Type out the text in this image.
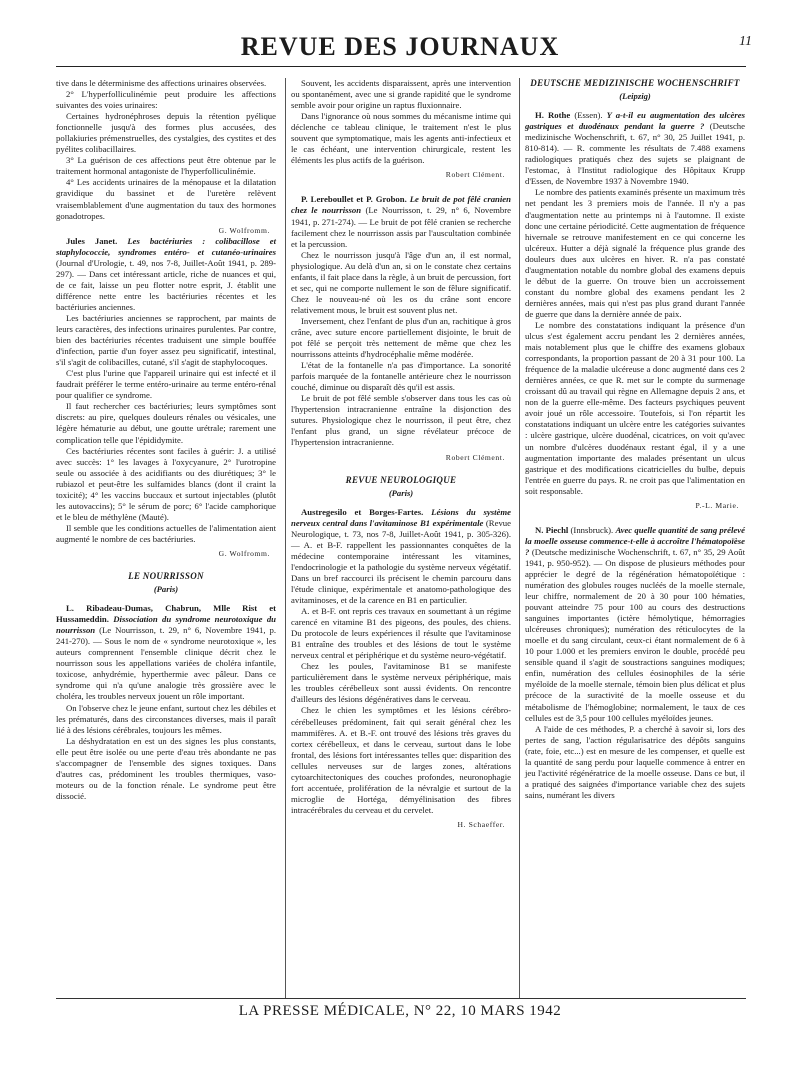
REVUE DES JOURNAUX	11

tive dans le déterminisme des affections urinaires observées.

2° L'hyperfolliculinémie peut produire les affections suivantes des voies urinaires:

Certaines hydronéphroses depuis la rétention pyélique fonctionnelle jusqu'à des formes plus accusées, des pollakiuries prémenstruelles, des cystalgies, des cystites et des pyélites colibacillaires.

3° La guérison de ces affections peut être obtenue par le traitement hormonal antagoniste de l'hyperfolliculinémie.

4° Les accidents urinaires de la ménopause et la dilatation gravidique du bassinet et de l'uretère relèvent vraisemblablement d'une augmentation du taux des hormones gonadotropes.

G. Wolfromm.

Jules Janet. Les bactériuries : colibacillose et staphylococcie, syndromes entéro- et cutanéo-urinaires (Journal d'Urologie, t. 49, nos 7-8, Juillet-Août 1941, p. 289-297). — Dans cet intéressant article, riche de nuances et qui, de ce fait, laisse un peu flotter notre esprit, J. établit une différence nette entre les bactériuries récentes et les bactériuries anciennes.

Les bactériuries anciennes se rapprochent, par maints de leurs caractères, des infections urinaires purulentes. Par contre, bien des bactériuries récentes traduisent une simple bouffée d'infection, partie d'un foyer assez peu significatif, intestinal, s'il s'agit de colibacilles, cutané, s'il s'agit de staphylocoques.

C'est plus l'urine que l'appareil urinaire qui est infecté et il faudrait préférer le terme entéro-urinaire au terme entéro-rénal pour qualifier ce syndrome.

Il faut rechercher ces bactériuries; leurs symptômes sont discrets: au pire, quelques douleurs rénales ou vésicales, une légère hématurie au début, une goutte urétrale; rarement une complication telle que l'épididymite.

Ces bactériuries récentes sont faciles à guérir: J. a utilisé avec succès: 1° les lavages à l'oxycyanure, 2° l'urotropine seule ou associée à des acidifiants ou des diurétiques; 3° le rubiazol et peut-être les sulfamides blancs (dont il craint la toxicité); 4° les vaccins buccaux et surtout injectables (plutôt les autovaccins); 5° le sérum de porc; 6° l'acide camphorique et le bleu de méthylène (Mauté).

Il semble que les conditions actuelles de l'alimentation aient augmenté le nombre de ces bactériuries.

G. Wolfromm.
LE NOURRISSON
(Paris)

L. Ribadeau-Dumas, Chabrun, Mlle Rist et Hussameddin. Dissociation du syndrome neurotoxique du nourrisson (Le Nourrisson, t. 29, n° 6, Novembre 1941, p. 241-270). — Sous le nom de « syndrome neurotoxique », les auteurs comprennent l'ensemble clinique décrit chez le nourrisson sous les appellations variées de choléra infantile, toxicose, anhydrémie, hyperthermie avec pâleur. Dans ce syndrome qui n'a qu'une analogie très grossière avec le choléra, les troubles nerveux jouent un rôle important.

On l'observe chez le jeune enfant, surtout chez les débiles et les prématurés, dans des circonstances diverses, mais il paraît lié à des lésions cérébrales, toujours les mêmes.

La déshydratation en est un des signes les plus constants, elle peut être isolée ou une perte d'eau très abondante ne pas s'accompagner de l'ensemble des signes toxiques. Dans d'autres cas, prédominent les troubles thermiques, vaso-moteurs ou de la fonction rénale. Le syndrome peut être dissocié.

Souvent, les accidents disparaissent, après une intervention ou spontanément, avec une si grande rapidité que le syndrome semble avoir pour origine un raptus fluxionnaire.

Dans l'ignorance où nous sommes du mécanisme intime qui déclenche ce tableau clinique, le traitement n'est le plus souvent que symptomatique, mais les agents anti-infectieux et le cas échéant, une intervention chirurgicale, restent les éléments les plus actifs de la guérison.

Robert Clément.

P. Lereboullet et P. Grobon. Le bruit de pot fêlé cranien chez le nourrisson (Le Nourrisson, t. 29, n° 6, Novembre 1941, p. 271-274). — Le bruit de pot fêlé cranien se recherche facilement chez le nourrisson assis par l'auscultation combinée et la percussion.

Chez le nourrisson jusqu'à l'âge d'un an, il est normal, physiologique. Au delà d'un an, si on le constate chez certains enfants, il fait place dans la règle, à un bruit de percussion, fort et sec, qui ne comporte nullement le son de fêlure significatif. Chez le nouveau-né où les os du crâne sont encore relativement mous, le bruit est souvent plus net.

Inversement, chez l'enfant de plus d'un an, rachitique à gros crâne, avec suture encore partiellement disjointe, le bruit de pot fêlé se perçoit très nettement de même que chez les nourrissons atteints d'hydrocéphalie même modérée.

L'état de la fontanelle n'a pas d'importance. La sonorité parfois marquée de la fontanelle antérieure chez le nourrisson couché, diminue ou disparaît dès qu'il est assis.

Le bruit de pot fêlé semble s'observer dans tous les cas où l'hypertension intracranienne entraîne la disjonction des sutures. Physiologique chez le nourrisson, il peut être, chez l'enfant plus grand, un signe révélateur précoce de l'hypertension intracranienne.

Robert Clément.
REVUE NEUROLOGIQUE
(Paris)

Austregesilo et Borges-Fartes. Lésions du système nerveux central dans l'avitaminose B1 expérimentale (Revue Neurologique, t. 73, nos 7-8, Juillet-Août 1941, p. 305-326). — A. et B-F. rappellent les passionnantes conquêtes de la médecine contemporaine intéressant les vitamines, l'endocrinologie et la pathologie du système nerveux végétatif. Dans un bref raccourci ils précisent le chemin parcouru dans l'étude clinique, expérimentale et anatomo-pathologique des avitaminoses, et de la carence en B1 en particulier.

A. et B-F. ont repris ces travaux en soumettant à un régime carencé en vitamine B1 des pigeons, des poules, des chiens. Du protocole de leurs expériences il résulte que l'avitaminose B1 entraîne des troubles et des lésions de tout le système nerveux central et périphérique et du système neuro-végétatif.

Chez les poules, l'avitaminose B1 se manifeste particulièrement dans le système nerveux périphérique, mais les troubles cérébelleux sont aussi évidents. On rencontre d'ailleurs des lésions dégénératives dans le cerveau.

Chez le chien les symptômes et les lésions cérébro-cérébelleuses prédominent, fait qui serait général chez les mammifères. A. et B.-F. ont trouvé des lésions très graves du cortex cérébelleux, et dans le cerveau, surtout dans le lobe frontal, des lésions fort intéressantes telles que: disparition des cellules nerveuses sur de larges zones, altérations cytoarchitectoniques des couches profondes, neuronophagie fort accentuée, prolifération de la névralgie et surtout de la microglie de Hortéga, démyélinisation des fibres intracérébrales du cerveau et du cervelet.

H. Schaeffer.
DEUTSCHE MEDIZINISCHE WOCHENSCHRIFT
(Leipzig)

H. Rothe (Essen). Y a-t-il eu augmentation des ulcères gastriques et duodénaux pendant la guerre ? (Deutsche medizinische Wochenschrift, t. 67, n° 30, 25 Juillet 1941, p. 810-814). — R. commente les résultats de 7.488 examens radiologiques pratiqués chez des sujets se plaignant de l'estomac, à l'Institut radiologique des Hôpitaux Krupp d'Essen, de Novembre 1937 à Novembre 1940.

Le nombre des patients examinés présente un maximum très net pendant les 3 premiers mois de l'année. Il n'y a pas d'augmentation nette au printemps ni à l'automne. Il existe donc une certaine périodicité. Cette augmentation de fréquence hivernale se retrouve manifestement en ce qui concerne les ulcéreux. Hutter a déjà signalé la fréquence plus grande des douleurs dues aux ulcères en hiver. R. n'a pas constaté d'augmentation notable du nombre global des examens depuis le début de la guerre. On trouve bien un accroissement constant du nombre global des examens pendant les 2 dernières années, mais qui n'est pas plus grand durant l'année de guerre que dans la dernière année de paix.

Le nombre des constatations indiquant la présence d'un ulcus s'est également accru pendant les 2 dernières années, mais notablement plus que le chiffre des examens globaux correspondants, la proportion passant de 20 à 31 pour 100. La fréquence de la maladie ulcéreuse a donc augmenté dans ces 2 dernières années, ce que R. met sur le compte du surmenage croissant dû au travail qui règne en Allemagne depuis 2 ans, et non de la guerre elle-même. Des facteurs psychiques peuvent avoir joué un rôle accessoire. Toutefois, si l'on répartit les constatations indiquant un ulcère entre les catégories suivantes : ulcère gastrique, ulcère duodénal, cicatrices, on voit qu'avec un nombre d'ulcères duodénaux restant égal, il y a une augmentation importante des malades présentant un ulcus gastrique et des modifications cicatricielles du bulbe, depuis l'entrée en guerre du pays. R. ne croit pas que l'alimentation en soit responsable.

P.-L. Marie.

N. Piechl (Innsbruck). Avec quelle quantité de sang prélevé la moelle osseuse commence-t-elle à accroître l'hématopoïèse ? (Deutsche medizinische Wochenschrift, t. 67, n° 35, 29 Août 1941, p. 950-952). — On dispose de plusieurs méthodes pour apprécier le degré de la régénération hématopoïétique : numération des globules rouges nucléés de la moelle sternale, leur chiffre, normalement de 20 à 30 pour 100 hématies, pouvant atteindre 75 pour 100 au cours des destructions sanguines importantes (ictère hémolytique, hémorragies ulcéreuses chroniques); numération des réticulocytes de la moelle et du sang circulant, ceux-ci étant normalement de 6 à 10 pour 1.000 et les premiers environ le double, procédé peu sensible quand il s'agit de soustractions sanguines modiques; enfin, numération des cellules éosinophiles de la série myéloïde de la moelle sternale, témoin bien plus délicat et plus précoce de la suractivité de la moelle osseuse et du métabolisme de l'hémoglobine; normalement, le taux de ces cellules est de 3,5 pour 100 cellules myéloïdes jeunes.

A l'aide de ces méthodes, P. a cherché à savoir si, lors des pertes de sang, l'action régularisatrice des dépôts sanguins (rate, foie, etc...) est en mesure de les compenser, et quelle est la quantité de sang perdu pour laquelle commence à entrer en jeu l'activité régénératrice de la moelle osseuse. Dans ce but, il a pratiqué des saignées d'importance variable chez des sujets sains, numérant les divers

LA PRESSE MÉDICALE, N° 22, 10 MARS 1942
